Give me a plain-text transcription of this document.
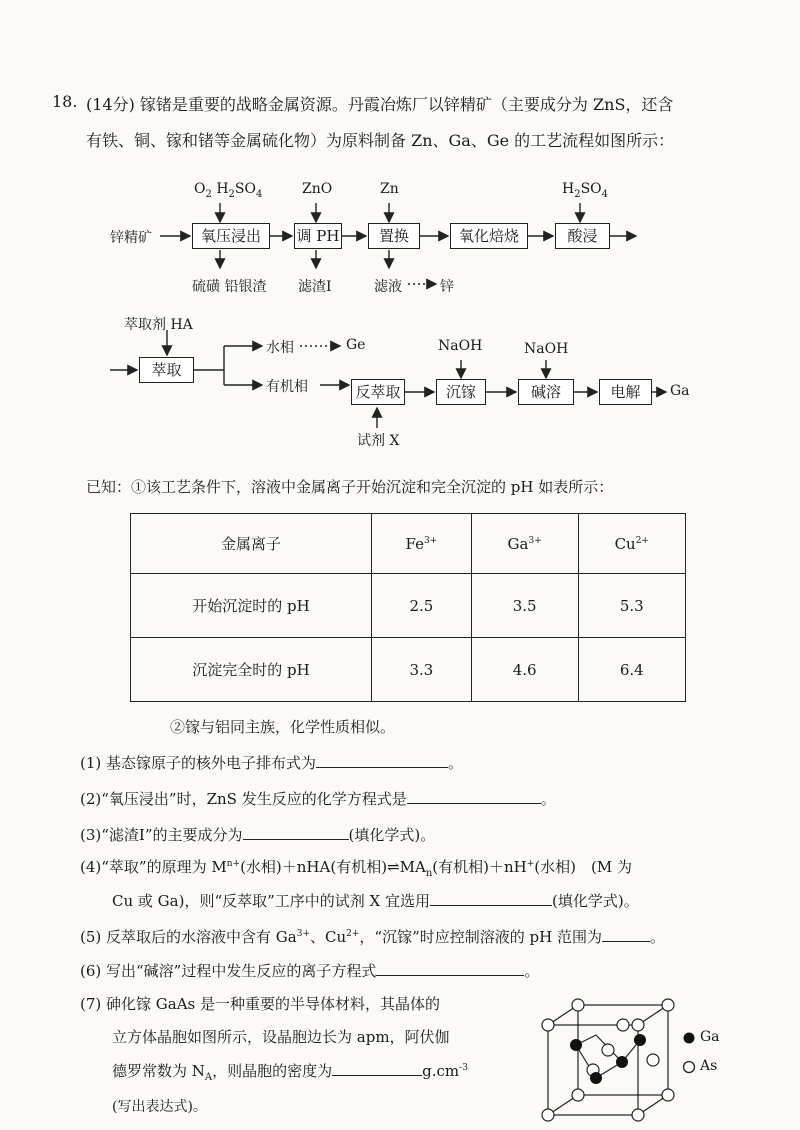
18. (14分) 镓锗是重要的战略金属资源。丹霞冶炼厂以锌精矿（主要成分为 ZnS，还含
有铁、铜、镓和锗等金属硫化物）为原料制备 Zn、Ga、Ge 的工艺流程如图所示：
锌精矿
$O_2$ $H_2SO_4$	ZnO	Zn	$H_2SO_4$
氧压浸出	调 PH	置换	氧化焙烧	酸浸
硫磺 铅银渣 滤渣Ⅰ	滤液	锌
萃取剂 HA
萃取
水相	Ge
有机相	反萃取	沉镓	碱溶	电解
NaOH	NaOH
Ga
试剂 X
已知：①该工艺条件下，溶液中金属离子开始沉淀和完全沉淀的 pH 如表所示：
金属离子	$Fe^{3+}$	$Ga^{3+}$	$Cu^{2+}$
开始沉淀时的 pH	2.5	3.5	5.3
沉淀完全时的 pH	3.3	4.6	6.4
②镓与铝同主族，化学性质相似。
(1) 基态镓原子的核外电子排布式为	。
(2)“氧压浸出”时，ZnS 发生反应的化学方程式是	。
(3)“滤渣Ⅰ”的主要成分为	(填化学式)。
(4)“萃取”的原理为 $M^{n+}$(水相)＋nHA(有机相)$\rightleftharpoons MA_n$(有机相)＋nH+(水相)　(M 为
Cu 或 Ga)，则“反萃取”工序中的试剂 X 宜选用	(填化学式)。
(5) 反萃取后的水溶液中含有 $Ga^{3+}$、$Cu^{2+}$，“沉镓”时应控制溶液的 pH 范围为	。
(6) 写出“碱溶”过程中发生反应的离子方程式	。
(7) 砷化镓 GaAs 是一种重要的半导体材料，其晶体的
立方体晶胞如图所示，设晶胞边长为 apm，阿伏伽
德罗常数为 $N_A$，则晶胞的密度为	$g.cm^{-3}$
(写出表达式)。
Ga
As
